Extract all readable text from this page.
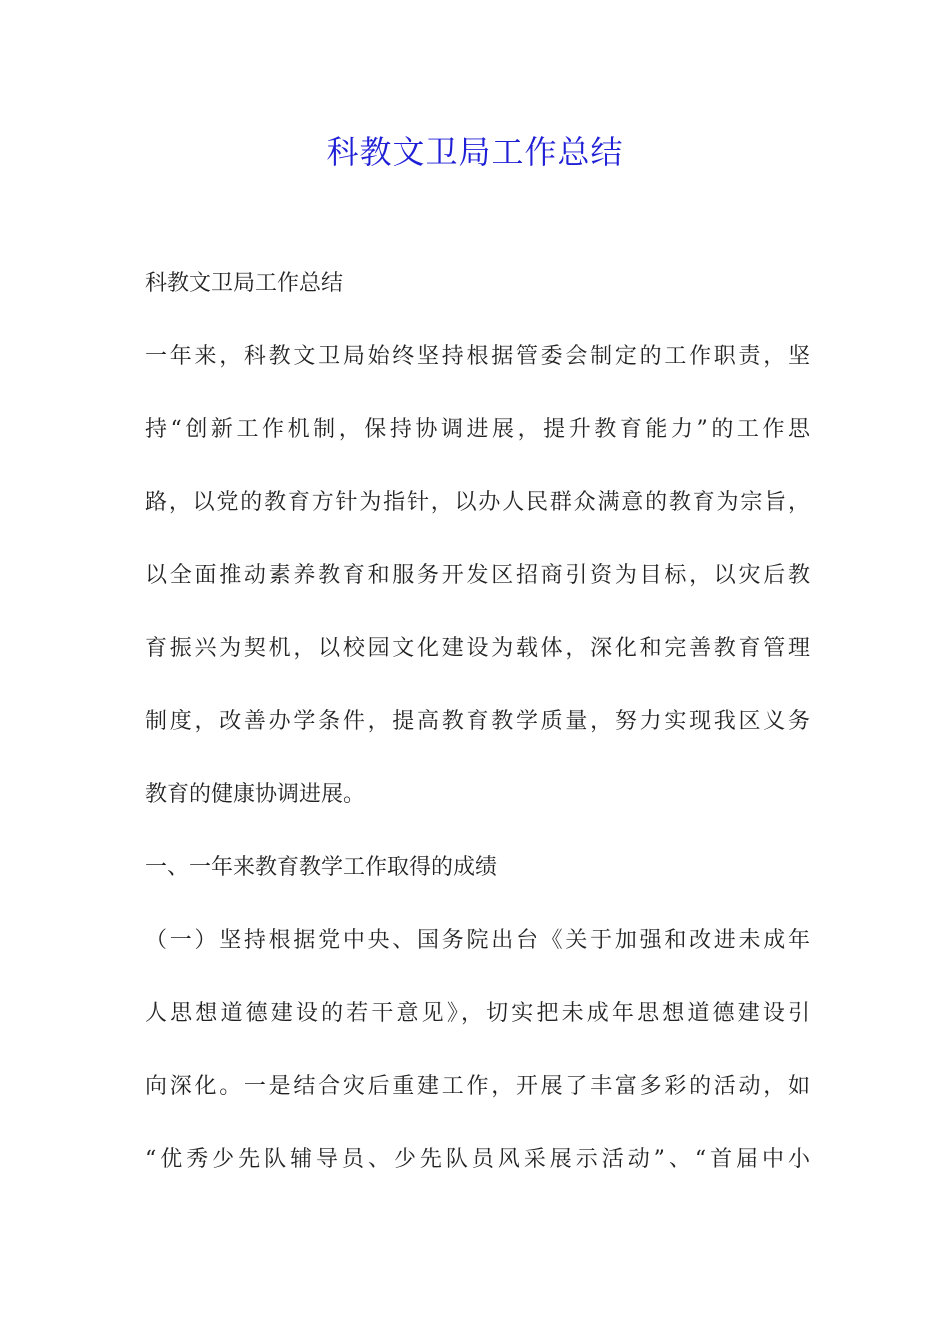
科教文卫局工作总结
科教文卫局工作总结
一年来，科教文卫局始终坚持根据管委会制定的工作职责，坚
持“创新工作机制，保持协调进展，提升教育能力”的工作思
路，以党的教育方针为指针，以办人民群众满意的教育为宗旨，
以全面推动素养教育和服务开发区招商引资为目标，以灾后教
育振兴为契机，以校园文化建设为载体，深化和完善教育管理
制度，改善办学条件，提高教育教学质量，努力实现我区义务
教育的健康协调进展。
一、一年来教育教学工作取得的成绩
（一）坚持根据党中央、国务院出台《关于加强和改进未成年
人思想道德建设的若干意见》，切实把未成年思想道德建设引
向深化。一是结合灾后重建工作，开展了丰富多彩的活动，如
“优秀少先队辅导员、少先队员风采展示活动”、“首届中小
